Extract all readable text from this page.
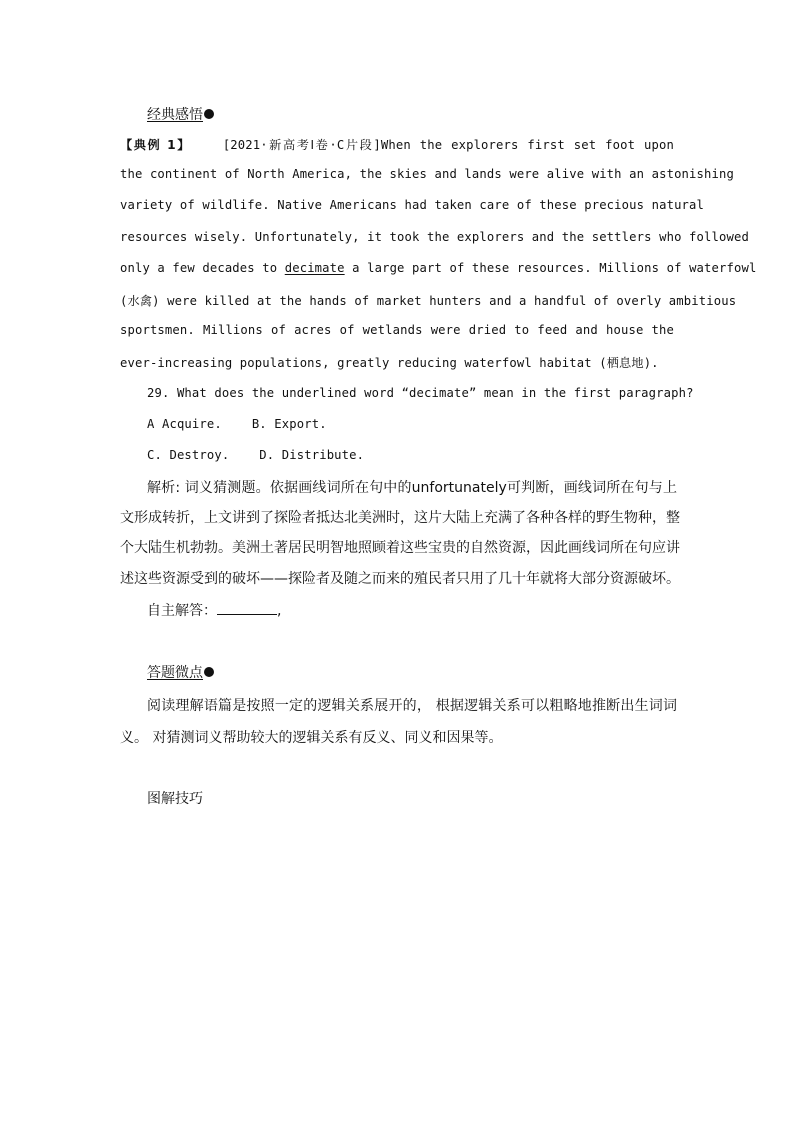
经典感悟
【典例 1】	[2021·新高考Ⅰ卷·C片段]When the explorers first set foot upon
the continent of North America, the skies and lands were alive with an astonishing
variety of wildlife. Native Americans had taken care of these precious natural
resources wisely. Unfortunately, it took the explorers and the settlers who followed
only a few decades to decimate a large part of these resources. Millions of waterfowl
(水禽) were killed at the hands of market hunters and a handful of overly ambitious
sportsmen. Millions of acres of wetlands were dried to feed and house the
ever-increasing populations, greatly reducing waterfowl habitat (栖息地).
29. What does the underlined word “decimate” mean in the first paragraph?
A Acquire.    B. Export.
C. Destroy.    D. Distribute.
解析: 词义猜测题。依据画线词所在句中的unfortunately可判断，画线词所在句与上
文形成转折，上文讲到了探险者抵达北美洲时，这片大陆上充满了各种各样的野生物种，整
个大陆生机勃勃。美洲土著居民明智地照顾着这些宝贵的自然资源，因此画线词所在句应讲
述这些资源受到的破坏——探险者及随之而来的殖民者只用了几十年就将大部分资源破坏。
自主解答：	,
答题微点
阅读理解语篇是按照一定的逻辑关系展开的， 根据逻辑关系可以粗略地推断出生词词
义。 对猜测词义帮助较大的逻辑关系有反义、同义和因果等。
图解技巧
